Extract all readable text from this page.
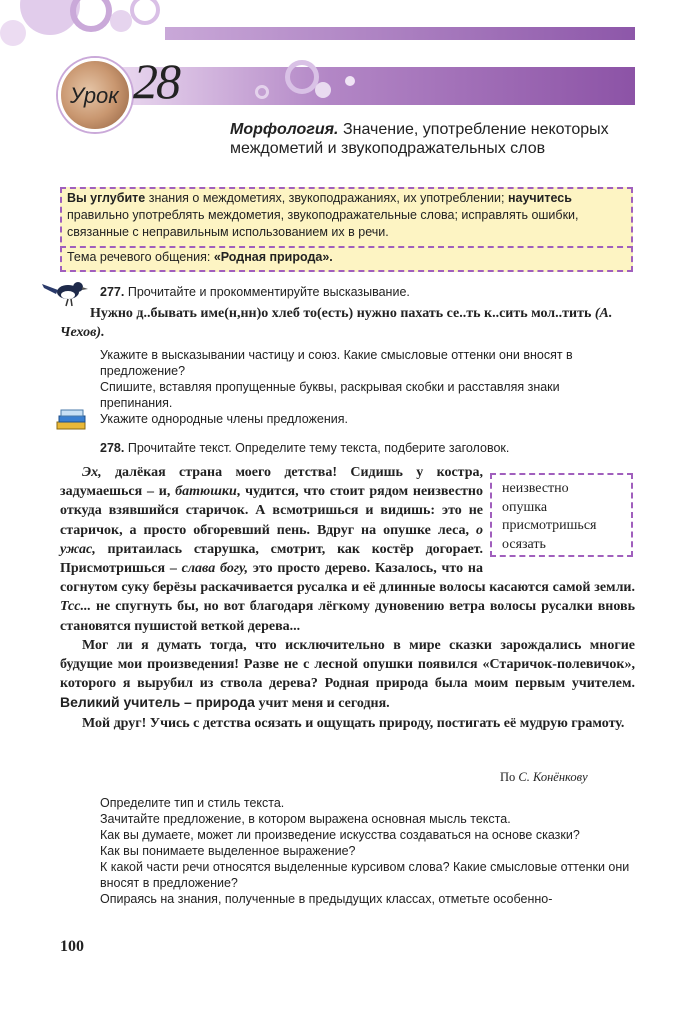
Урок 28
Морфология. Значение, употребление некоторых междометий и звукоподражательных слов
Вы углубите знания о междометиях, звукоподражаниях, их употреблении; научитесь правильно употреблять междометия, звукоподражательные слова; исправлять ошибки, связанные с неправильным использованием их в речи.
Тема речевого общения: «Родная природа».
277. Прочитайте и прокомментируйте высказывание.
Нужно д..бывать име(н,нн)о хлеб то(есть) нужно пахать се..ть к..сить мол..тить (А. Чехов).
Укажите в высказывании частицу и союз. Какие смысловые оттенки они вносят в предложение?
Спишите, вставляя пропущенные буквы, раскрывая скобки и расставляя знаки препинания.
Укажите однородные члены предложения.
278. Прочитайте текст. Определите тему текста, подберите заголовок.
неизвестно
опушка
присмотришься
осязать

Эх, далёкая страна моего детства! Сидишь у костра, задумаешься – и, батюшки, чудится, что стоит рядом неизвестно откуда взявшийся старичок. А всмотришься и видишь: это не старичок, а просто обгоревший пень. Вдруг на опушке леса, о ужас, притаилась старушка, смотрит, как костёр догорает. Присмотришься – слава богу, это просто дерево. Казалось, что на согнутом суку берёзы раскачивается русалка и её длинные волосы касаются самой земли. Тсс... не спугнуть бы, но вот благодаря лёгкому дуновению ветра волосы русалки вновь становятся пушистой веткой дерева...

Мог ли я думать тогда, что исключительно в мире сказки зарождались многие будущие мои произведения! Разве не с лесной опушки появился «Старичок-полевичок», которого я вырубил из ствола дерева? Родная природа была моим первым учителем. Великий учитель – природа учит меня и сегодня.

Мой друг! Учись с детства осязать и ощущать природу, постигать её мудрую грамоту.

По С. Конёнкову
Определите тип и стиль текста.
Зачитайте предложение, в котором выражена основная мысль текста.
Как вы думаете, может ли произведение искусства создаваться на основе сказки?
Как вы понимаете выделенное выражение?
К какой части речи относятся выделенные курсивом слова? Какие смысловые оттенки они вносят в предложение?
Опираясь на знания, полученные в предыдущих классах, отметьте особенно-
100
